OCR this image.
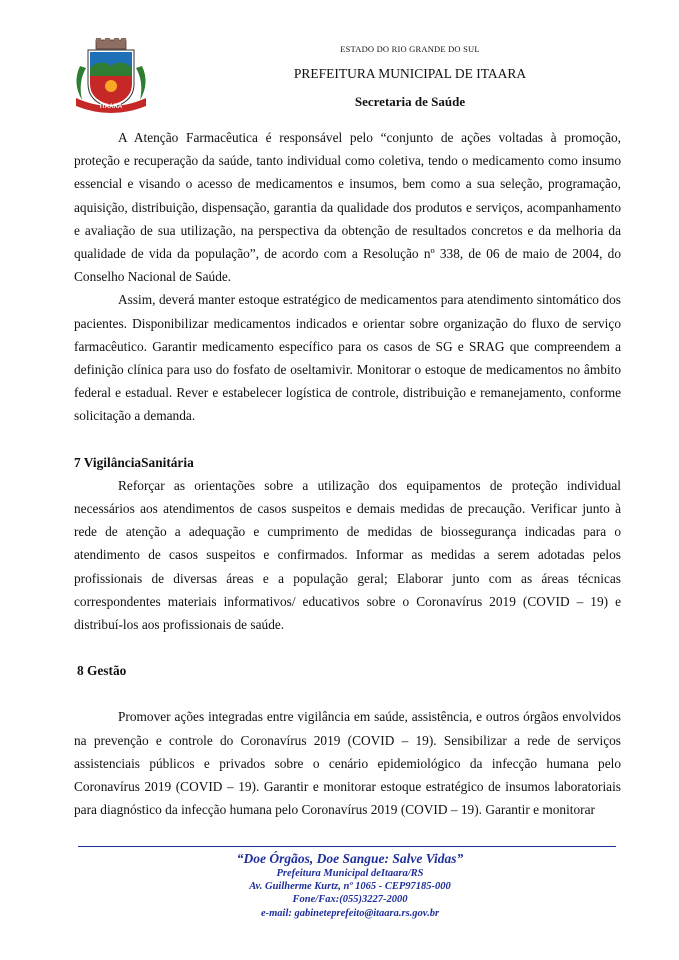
ITAARA
ESTADO DO RIO GRANDE DO SUL
PREFEITURA MUNICIPAL DE ITAARA
Secretaria de Saúde

A Atenção Farmacêutica é responsável pelo “conjunto de ações voltadas à promoção, proteção e recuperação da saúde, tanto individual como coletiva, tendo o medicamento como insumo essencial e visando o acesso de medicamentos e insumos, bem como a sua seleção, programação, aquisição, distribuição, dispensação, garantia da qualidade dos produtos e serviços, acompanhamento e avaliação de sua utilização, na perspectiva da obtenção de resultados concretos e da melhoria da qualidade de vida da população”, de acordo com a Resolução nº 338, de 06 de maio de 2004, do Conselho Nacional de Saúde.

Assim, deverá manter estoque estratégico de medicamentos para atendimento sintomático dos pacientes. Disponibilizar medicamentos indicados e orientar sobre organização do fluxo de serviço farmacêutico. Garantir medicamento específico para os casos de SG e SRAG que compreendem a definição clínica para uso do fosfato de oseltamivir. Monitorar o estoque de medicamentos no âmbito federal e estadual. Rever e estabelecer logística de controle, distribuição e remanejamento, conforme solicitação a demanda.

7 VigilânciaSanitária

Reforçar as orientações sobre a utilização dos equipamentos de proteção individual necessários aos atendimentos de casos suspeitos e demais medidas de precaução. Verificar junto à rede de atenção a adequação e cumprimento de medidas de biossegurança indicadas para o atendimento de casos suspeitos e confirmados. Informar as medidas a serem adotadas pelos profissionais de diversas áreas e a população geral; Elaborar junto com as áreas técnicas correspondentes materiais informativos/ educativos sobre o Coronavírus 2019 (COVID – 19) e distribuí-los aos profissionais de saúde.

8 Gestão

Promover ações integradas entre vigilância em saúde, assistência, e outros órgãos envolvidos na prevenção e controle do Coronavírus 2019 (COVID – 19). Sensibilizar a rede de serviços assistenciais públicos e privados sobre o cenário epidemiológico da infecção humana pelo Coronavírus 2019 (COVID – 19). Garantir e monitorar estoque estratégico de insumos laboratoriais para diagnóstico da infecção humana pelo Coronavírus 2019 (COVID – 19). Garantir e monitorar

“Doe Órgãos, Doe Sangue: Salve Vidas”
Prefeitura Municipal deItaara/RS
Av. Guilherme Kurtz, nº 1065 - CEP97185-000
Fone/Fax:(055)3227-2000
e-mail: gabineteprefeito@itaara.rs.gov.br
